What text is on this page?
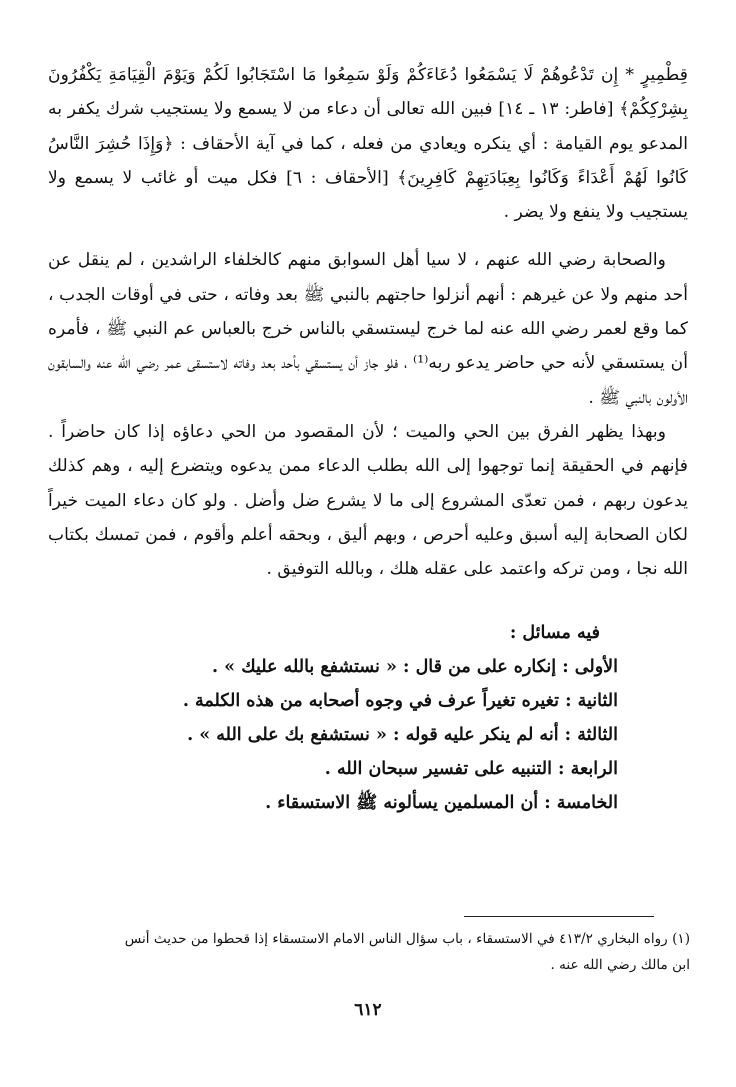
قِطْمِيرٍ * إِن تَدْعُوهُمْ لَا يَسْمَعُوا دُعَاءَكُمْ وَلَوْ سَمِعُوا مَا اسْتَجَابُوا لَكُمْ وَيَوْمَ الْقِيَامَةِ يَكْفُرُونَ بِشِرْكِكُمْ﴾ [فاطر: ١٣ ـ ١٤] فبين الله تعالى أن دعاء من لا يسمع ولا يستجيب شرك يكفر به المدعو يوم القيامة : أي ينكره ويعادي من فعله ، كما في آية الأحقاف : ﴿وَإِذَا حُشِرَ النَّاسُ كَانُوا لَهُمْ أَعْدَاءً وَكَانُوا بِعِبَادَتِهِمْ كَافِرِينَ﴾ [الأحقاف : ٦] فكل ميت أو غائب لا يسمع ولا يستجيب ولا ينفع ولا يضر .

والصحابة رضي الله عنهم ، لا سيا أهل السوابق منهم كالخلفاء الراشدين ، لم ينقل عن أحد منهم ولا عن غيرهم : أنهم أنزلوا حاجتهم بالنبي ﷺ بعد وفاته ، حتى في أوقات الجدب ، كما وقع لعمر رضي الله عنه لما خرج ليستسقي بالناس خرج بالعباس عم النبي ﷺ ، فأمره أن يستسقي لأنه حي حاضر يدعو ربه⁽¹⁾ ، فلو جاز أن يستسقي بأحد بعد وفاته لاستسقى عمر رضي الله عنه والسابقون الأولون بالنبي ﷺ .

وبهذا يظهر الفرق بين الحي والميت ؛ لأن المقصود من الحي دعاؤه إذا كان حاضراً . فإنهم في الحقيقة إنما توجهوا إلى الله بطلب الدعاء ممن يدعوه ويتضرع إليه ، وهم كذلك يدعون ربهم ، فمن تعدّى المشروع إلى ما لا يشرع ضل وأضل . ولو كان دعاء الميت خيراً لكان الصحابة إليه أسبق وعليه أحرص ، وبهم أليق ، وبحقه أعلم وأقوم ، فمن تمسك بكتاب الله نجا ، ومن تركه واعتمد على عقله هلك ، وبالله التوفيق .

فيه مسائل :
الأولى : إنكاره على من قال : « نستشفع بالله عليك » .
الثانية : تغيره تغيراً عرف في وجوه أصحابه من هذه الكلمة .
الثالثة : أنه لم ينكر عليه قوله : « نستشفع بك على الله » .
الرابعة : التنبيه على تفسير سبحان الله .
الخامسة : أن المسلمين يسألونه ﷺ الاستسقاء .
(١) رواه البخاري ٤١٣/٢ في الاستسقاء ، باب سؤال الناس الامام الاستسقاء إذا قحطوا من حديث أنس
ابن مالك رضي الله عنه .
٦١٢
